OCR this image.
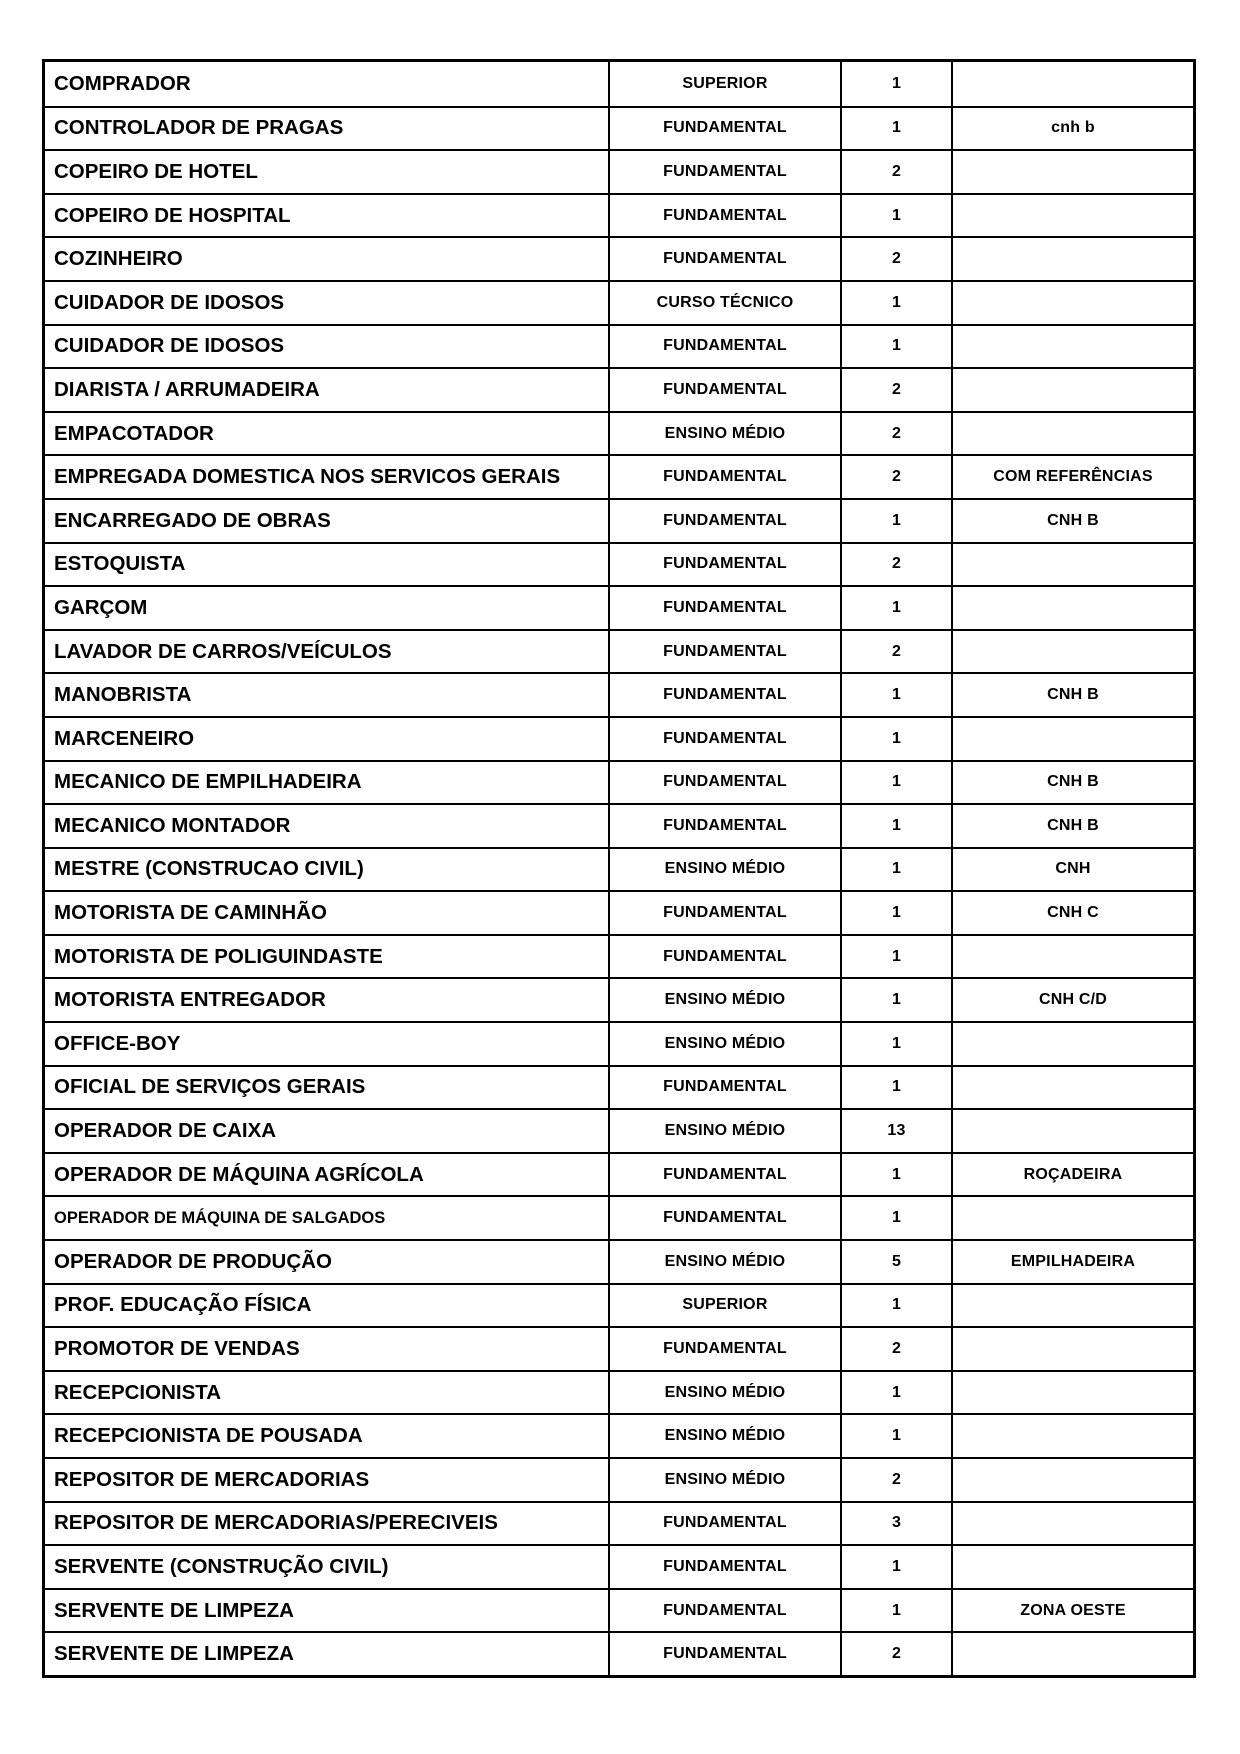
COMPRADOR	SUPERIOR	1
CONTROLADOR DE PRAGAS	FUNDAMENTAL	1	cnh b
COPEIRO DE HOTEL	FUNDAMENTAL	2
COPEIRO DE HOSPITAL	FUNDAMENTAL	1
COZINHEIRO	FUNDAMENTAL	2
CUIDADOR DE IDOSOS	CURSO TÉCNICO	1
CUIDADOR DE IDOSOS	FUNDAMENTAL	1
DIARISTA / ARRUMADEIRA	FUNDAMENTAL	2
EMPACOTADOR	ENSINO MÉDIO	2
EMPREGADA DOMESTICA NOS SERVICOS GERAIS	FUNDAMENTAL	2	COM REFERÊNCIAS
ENCARREGADO DE OBRAS	FUNDAMENTAL	1	CNH B
ESTOQUISTA	FUNDAMENTAL	2
GARÇOM	FUNDAMENTAL	1
LAVADOR DE CARROS/VEÍCULOS	FUNDAMENTAL	2
MANOBRISTA	FUNDAMENTAL	1	CNH B
MARCENEIRO	FUNDAMENTAL	1
MECANICO DE EMPILHADEIRA	FUNDAMENTAL	1	CNH B
MECANICO MONTADOR	FUNDAMENTAL	1	CNH B
MESTRE (CONSTRUCAO CIVIL)	ENSINO MÉDIO	1	CNH
MOTORISTA DE CAMINHÃO	FUNDAMENTAL	1	CNH C
MOTORISTA DE POLIGUINDASTE	FUNDAMENTAL	1
MOTORISTA ENTREGADOR	ENSINO MÉDIO	1	CNH C/D
OFFICE-BOY	ENSINO MÉDIO	1
OFICIAL DE SERVIÇOS GERAIS	FUNDAMENTAL	1
OPERADOR DE CAIXA	ENSINO MÉDIO	13
OPERADOR DE MÁQUINA AGRÍCOLA	FUNDAMENTAL	1	ROÇADEIRA
OPERADOR DE MÁQUINA DE SALGADOS	FUNDAMENTAL	1
OPERADOR DE PRODUÇÃO	ENSINO MÉDIO	5	EMPILHADEIRA
PROF. EDUCAÇÃO FÍSICA	SUPERIOR	1
PROMOTOR DE VENDAS	FUNDAMENTAL	2
RECEPCIONISTA	ENSINO MÉDIO	1
RECEPCIONISTA DE POUSADA	ENSINO MÉDIO	1
REPOSITOR DE MERCADORIAS	ENSINO MÉDIO	2
REPOSITOR DE MERCADORIAS/PERECIVEIS	FUNDAMENTAL	3
SERVENTE (CONSTRUÇÃO CIVIL)	FUNDAMENTAL	1
SERVENTE DE LIMPEZA	FUNDAMENTAL	1	ZONA OESTE
SERVENTE DE LIMPEZA	FUNDAMENTAL	2
